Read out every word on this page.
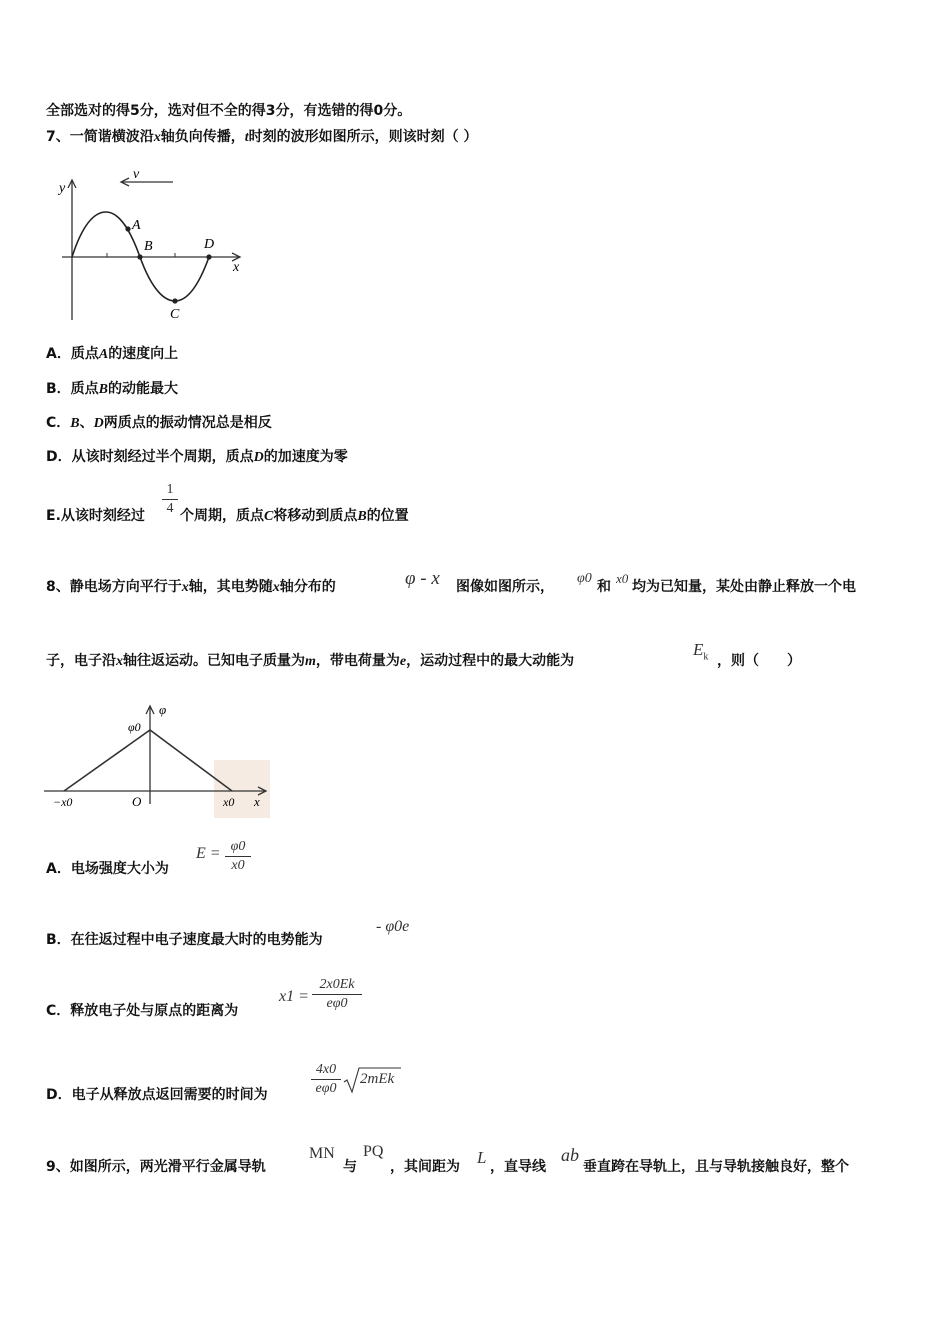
全部选对的得5分，选对但不全的得3分，有选错的得0分。
7、一简谐横波沿x轴负向传播，t时刻的波形如图所示，则该时刻（ ）
y
x
v
A
B
C
D
A．质点A的速度向上
B．质点B的动能最大
C．B、D两质点的振动情况总是相反
D．从该时刻经过半个周期，质点D的加速度为零
E.从该时刻经过
1
4 个周期，质点C将移动到质点B的位置
8、静电场方向平行于x轴，其电势随x轴分布的	φ - x 图像如图所示，
φ0
和
x0
均为已知量，某处由静止释放一个电
子，电子沿x轴往返运动。已知电子质量为m，带电荷量为e，运动过程中的最大动能为
$E_k$ ，则（　　）
φ
φ0
−x0	O	x0 x
A．电场强度大小为
E = φ0
x0
B．在往返过程中电子速度最大时的电势能为
- φ0e
C．释放电子处与原点的距离为
x1 =
2x0Ek
eφ0
D．电子从释放点返回需要的时间为
4x0
eφ0
2mEk
9、如图所示，两光滑平行金属导轨
MN
与
PQ
，其间距为 L ，直导线
ab
垂直跨在导轨上，且与导轨接触良好，整个
